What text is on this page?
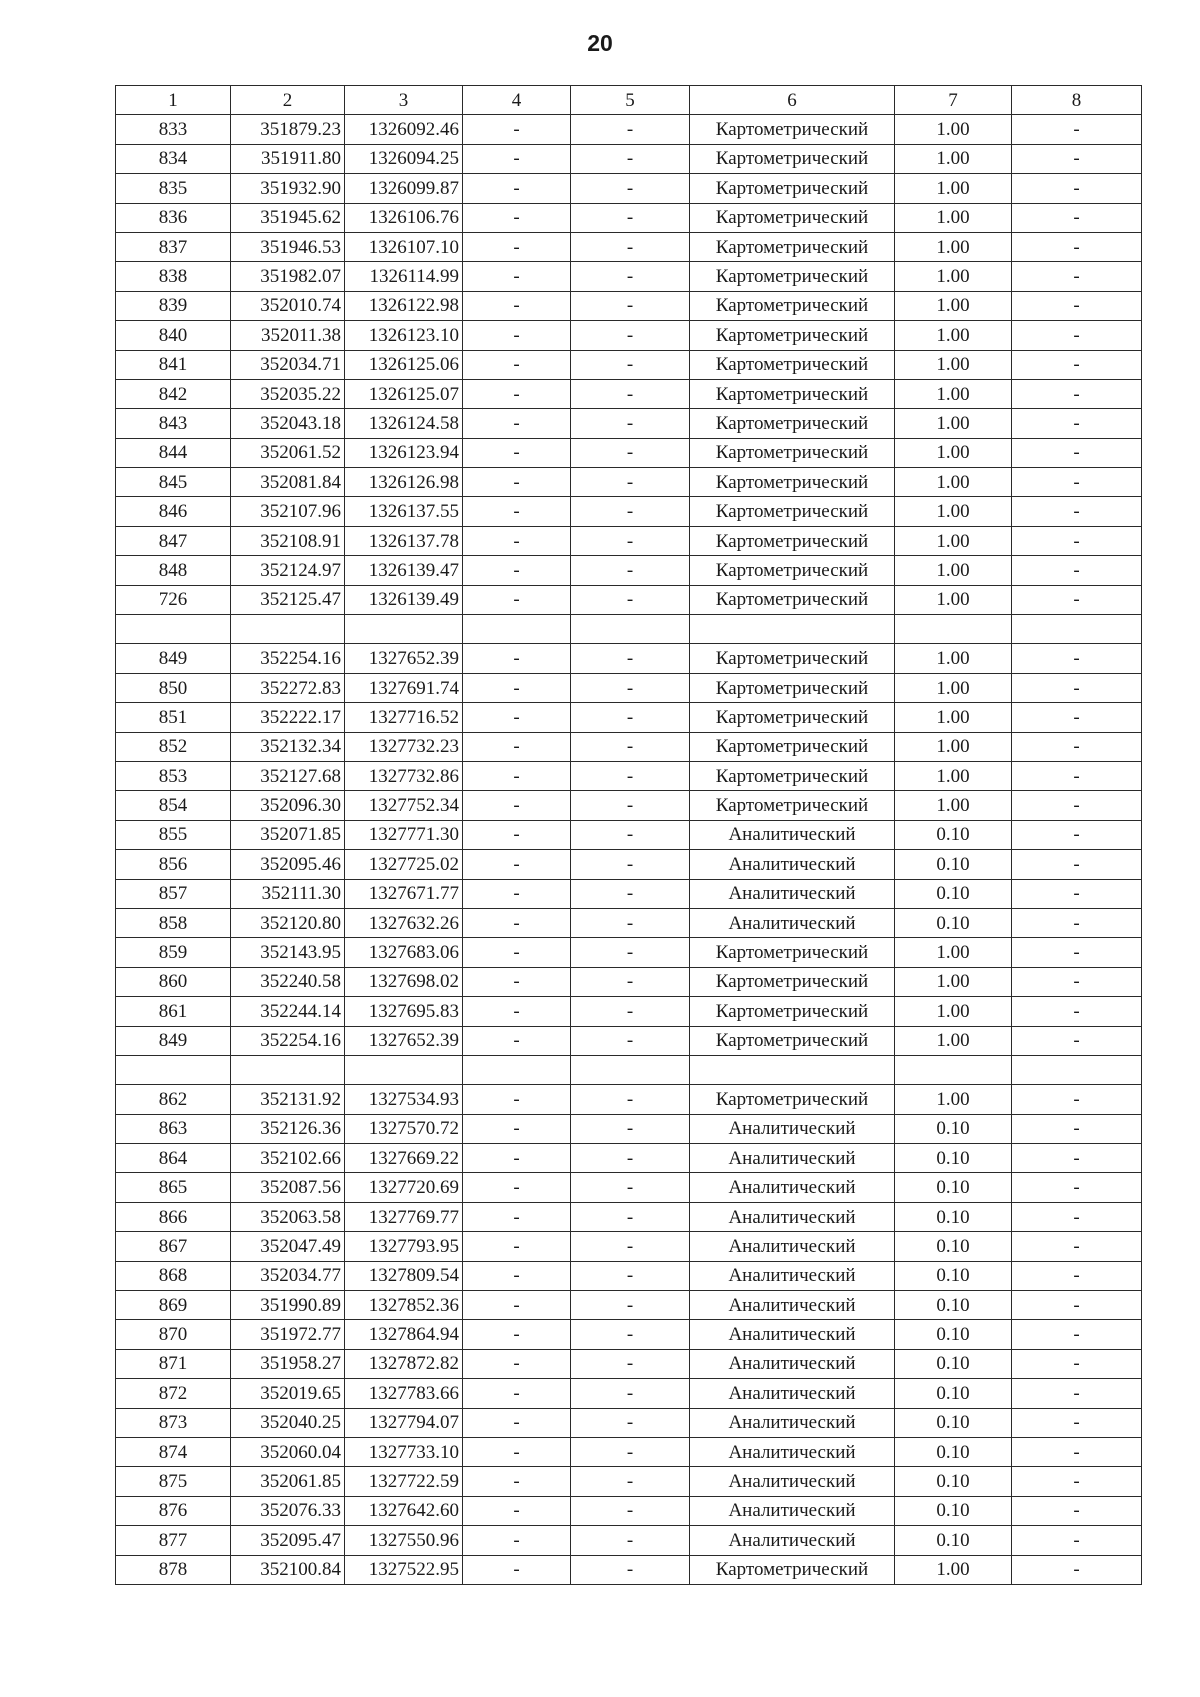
20
1	2	3	4	5	6	7	8
833	351879.23	1326092.46	-	-	Картометрический	1.00	-
834	351911.80	1326094.25	-	-	Картометрический	1.00	-
835	351932.90	1326099.87	-	-	Картометрический	1.00	-
836	351945.62	1326106.76	-	-	Картометрический	1.00	-
837	351946.53	1326107.10	-	-	Картометрический	1.00	-
838	351982.07	1326114.99	-	-	Картометрический	1.00	-
839	352010.74	1326122.98	-	-	Картометрический	1.00	-
840	352011.38	1326123.10	-	-	Картометрический	1.00	-
841	352034.71	1326125.06	-	-	Картометрический	1.00	-
842	352035.22	1326125.07	-	-	Картометрический	1.00	-
843	352043.18	1326124.58	-	-	Картометрический	1.00	-
844	352061.52	1326123.94	-	-	Картометрический	1.00	-
845	352081.84	1326126.98	-	-	Картометрический	1.00	-
846	352107.96	1326137.55	-	-	Картометрический	1.00	-
847	352108.91	1326137.78	-	-	Картометрический	1.00	-
848	352124.97	1326139.47	-	-	Картометрический	1.00	-
726	352125.47	1326139.49	-	-	Картометрический	1.00	-

849	352254.16	1327652.39	-	-	Картометрический	1.00	-
850	352272.83	1327691.74	-	-	Картометрический	1.00	-
851	352222.17	1327716.52	-	-	Картометрический	1.00	-
852	352132.34	1327732.23	-	-	Картометрический	1.00	-
853	352127.68	1327732.86	-	-	Картометрический	1.00	-
854	352096.30	1327752.34	-	-	Картометрический	1.00	-
855	352071.85	1327771.30	-	-	Аналитический	0.10	-
856	352095.46	1327725.02	-	-	Аналитический	0.10	-
857	352111.30	1327671.77	-	-	Аналитический	0.10	-
858	352120.80	1327632.26	-	-	Аналитический	0.10	-
859	352143.95	1327683.06	-	-	Картометрический	1.00	-
860	352240.58	1327698.02	-	-	Картометрический	1.00	-
861	352244.14	1327695.83	-	-	Картометрический	1.00	-
849	352254.16	1327652.39	-	-	Картометрический	1.00	-

862	352131.92	1327534.93	-	-	Картометрический	1.00	-
863	352126.36	1327570.72	-	-	Аналитический	0.10	-
864	352102.66	1327669.22	-	-	Аналитический	0.10	-
865	352087.56	1327720.69	-	-	Аналитический	0.10	-
866	352063.58	1327769.77	-	-	Аналитический	0.10	-
867	352047.49	1327793.95	-	-	Аналитический	0.10	-
868	352034.77	1327809.54	-	-	Аналитический	0.10	-
869	351990.89	1327852.36	-	-	Аналитический	0.10	-
870	351972.77	1327864.94	-	-	Аналитический	0.10	-
871	351958.27	1327872.82	-	-	Аналитический	0.10	-
872	352019.65	1327783.66	-	-	Аналитический	0.10	-
873	352040.25	1327794.07	-	-	Аналитический	0.10	-
874	352060.04	1327733.10	-	-	Аналитический	0.10	-
875	352061.85	1327722.59	-	-	Аналитический	0.10	-
876	352076.33	1327642.60	-	-	Аналитический	0.10	-
877	352095.47	1327550.96	-	-	Аналитический	0.10	-
878	352100.84	1327522.95	-	-	Картометрический	1.00	-
